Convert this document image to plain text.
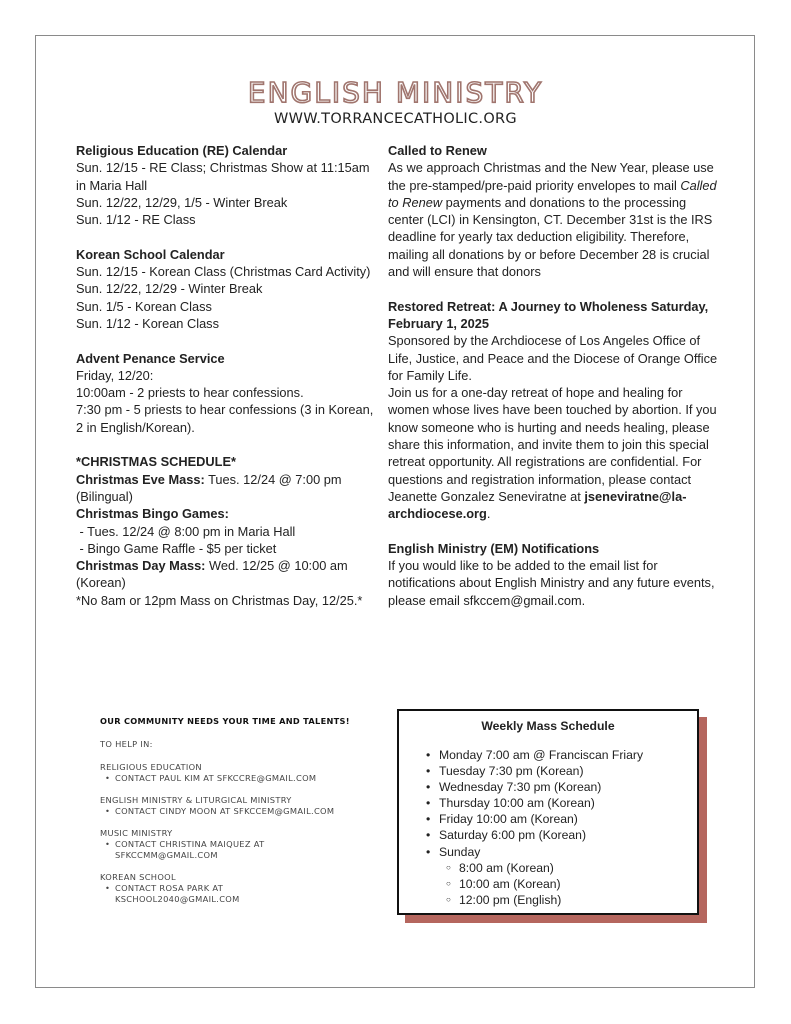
ENGLISH MINISTRY
WWW.TORRANCECATHOLIC.ORG
Religious Education (RE) Calendar
Sun. 12/15 - RE Class; Christmas Show at 11:15am in Maria Hall
Sun. 12/22, 12/29, 1/5 - Winter Break
Sun. 1/12 - RE Class
Korean School Calendar
Sun. 12/15 - Korean Class (Christmas Card Activity)
Sun. 12/22, 12/29 - Winter Break
Sun. 1/5 - Korean Class
Sun. 1/12 - Korean Class
Advent Penance Service
Friday, 12/20:
10:00am - 2 priests to hear confessions.
7:30 pm - 5 priests to hear confessions (3 in Korean, 2 in English/Korean).
*CHRISTMAS SCHEDULE*
Christmas Eve Mass: Tues. 12/24 @ 7:00 pm (Bilingual)
Christmas Bingo Games:
- Tues. 12/24 @ 8:00 pm in Maria Hall
- Bingo Game Raffle - $5 per ticket
Christmas Day Mass: Wed. 12/25 @ 10:00 am (Korean)
*No 8am or 12pm Mass on Christmas Day, 12/25.*
Called to Renew
As we approach Christmas and the New Year, please use the pre-stamped/pre-paid priority envelopes to mail Called to Renew payments and donations to the processing center (LCI) in Kensington, CT. December 31st is the IRS deadline for yearly tax deduction eligibility. Therefore, mailing all donations by or before December 28 is crucial and will ensure that donors
Restored Retreat: A Journey to Wholeness Saturday, February 1, 2025
Sponsored by the Archdiocese of Los Angeles Office of Life, Justice, and Peace and the Diocese of Orange Office for Family Life.
Join us for a one-day retreat of hope and healing for women whose lives have been touched by abortion. If you know someone who is hurting and needs healing, please share this information, and invite them to join this special retreat opportunity. All registrations are confidential. For questions and registration information, please contact Jeanette Gonzalez Seneviratne at jseneviratne@la-archdiocese.org.
English Ministry (EM) Notifications
If you would like to be added to the email list for notifications about English Ministry and any future events, please email sfkccem@gmail.com.
OUR COMMUNITY NEEDS YOUR TIME AND TALENTS!
TO HELP IN:
RELIGIOUS EDUCATION
• CONTACT PAUL KIM AT SFKCCRE@GMAIL.COM
ENGLISH MINISTRY & LITURGICAL MINISTRY
• CONTACT CINDY MOON AT SFKCCEM@GMAIL.COM
MUSIC MINISTRY
• CONTACT CHRISTINA MAIQUEZ AT SFKCCMM@GMAIL.COM
KOREAN SCHOOL
• CONTACT ROSA PARK AT KSCHOOL2040@GMAIL.COM
Weekly Mass Schedule
• Monday 7:00 am @ Franciscan Friary
• Tuesday 7:30 pm (Korean)
• Wednesday 7:30 pm (Korean)
• Thursday 10:00 am (Korean)
• Friday 10:00 am (Korean)
• Saturday 6:00 pm (Korean)
• Sunday
○ 8:00 am (Korean)
○ 10:00 am (Korean)
○ 12:00 pm (English)
